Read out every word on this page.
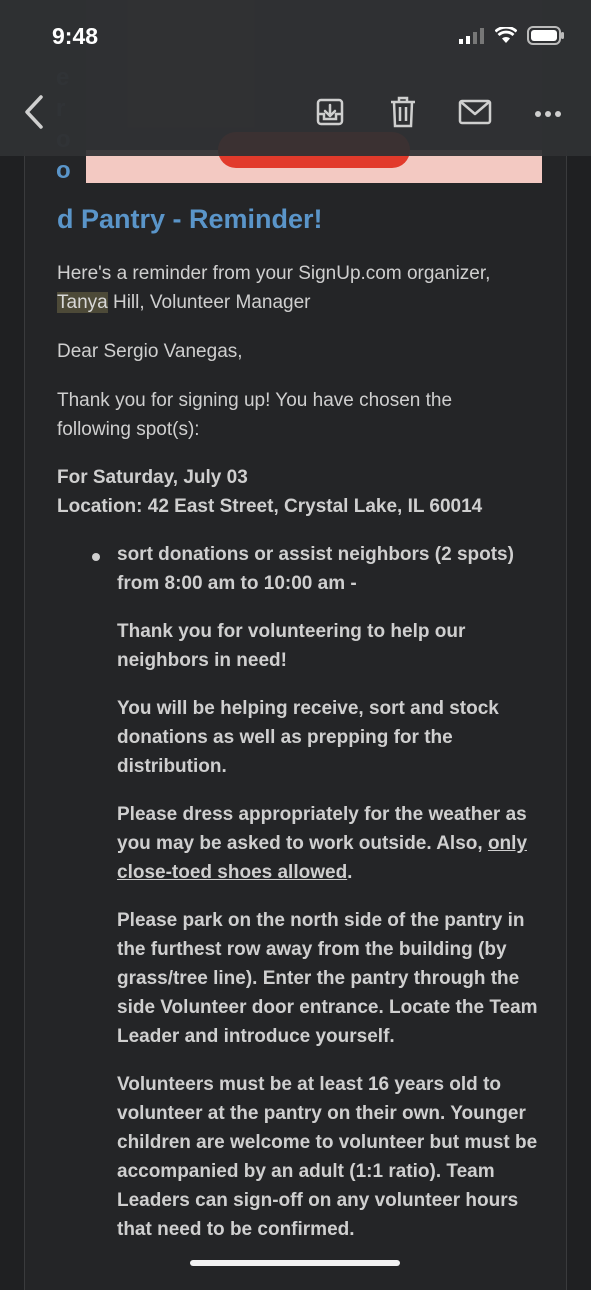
o
d Pantry - Reminder!
Here's a reminder from your SignUp.com organizer,
Tanya Hill, Volunteer Manager
Dear Sergio Vanegas,
Thank you for signing up! You have chosen the following spot(s):
For Saturday, July 03
Location: 42 East Street, Crystal Lake, IL 60014

sort donations or assist neighbors (2 spots) from 8:00 am to 10:00 am -

Thank you for volunteering to help our neighbors in need!

You will be helping receive, sort and stock donations as well as prepping for the distribution.

Please dress appropriately for the weather as you may be asked to work outside. Also, only close-toed shoes allowed.

Please park on the north side of the pantry in the furthest row away from the building (by grass/tree line). Enter the pantry through the side Volunteer door entrance. Locate the Team Leader and introduce yourself.

Volunteers must be at least 16 years old to volunteer at the pantry on their own. Younger children are welcome to volunteer but must be accompanied by an adult (1:1 ratio). Team Leaders can sign-off on any volunteer hours that need to be confirmed.

9:48
